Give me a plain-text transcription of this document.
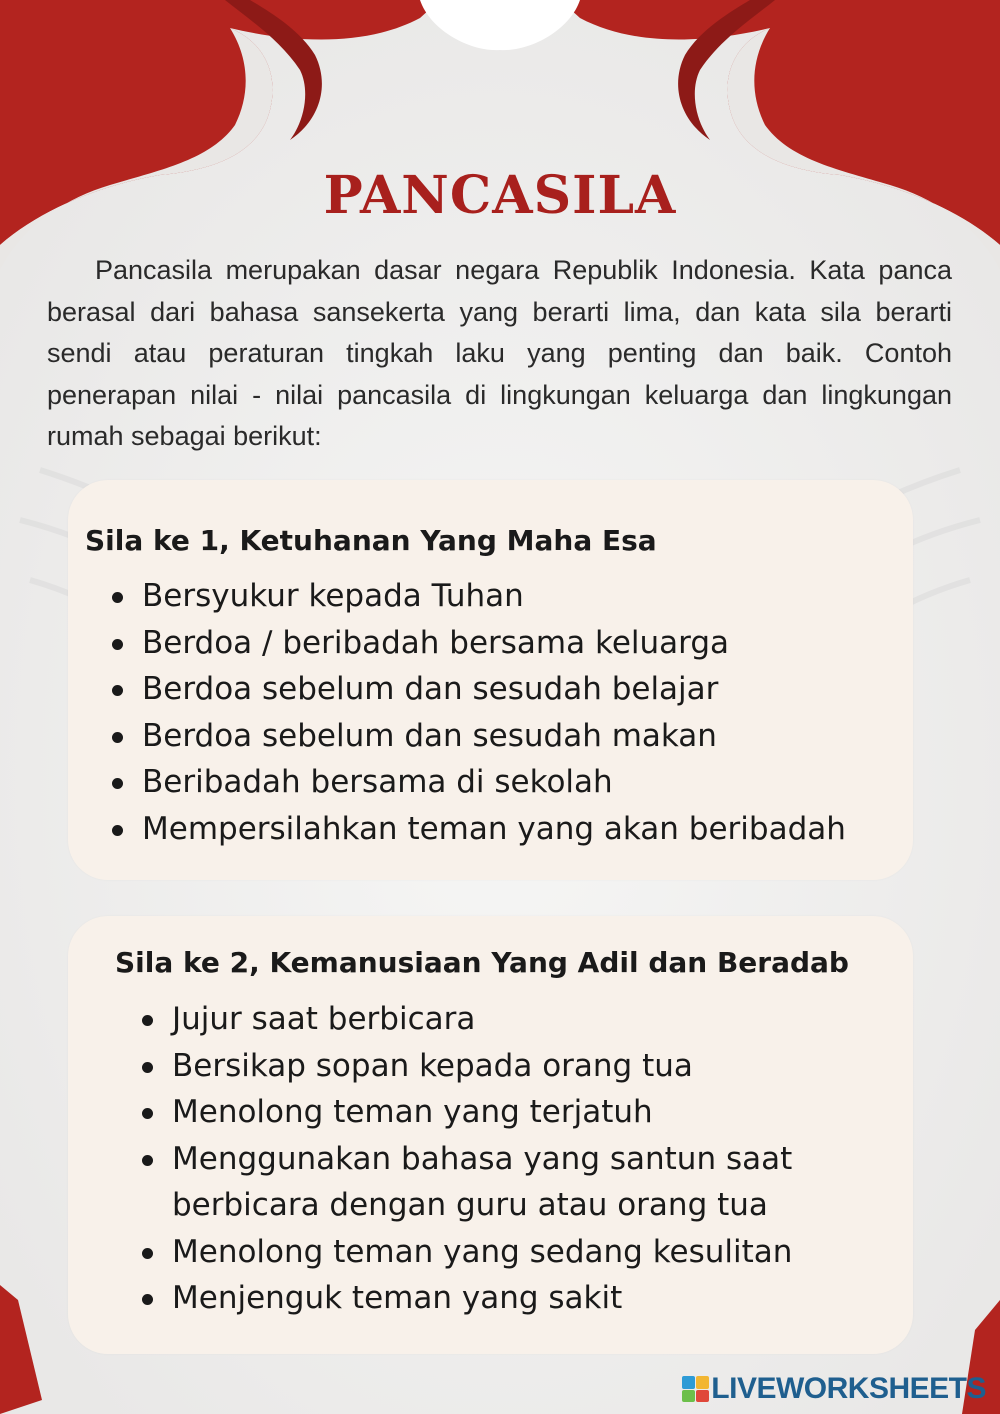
PANCASILA

Pancasila merupakan dasar negara Republik Indonesia. Kata panca berasal dari bahasa sansekerta yang berarti lima, dan kata sila berarti sendi atau peraturan tingkah laku yang penting dan baik. Contoh penerapan nilai - nilai pancasila di lingkungan keluarga dan lingkungan rumah sebagai berikut:

Sila ke 1, Ketuhanan Yang Maha Esa
Bersyukur kepada Tuhan
Berdoa / beribadah bersama keluarga
Berdoa sebelum dan sesudah belajar
Berdoa sebelum dan sesudah makan
Beribadah bersama di sekolah
Mempersilahkan teman yang akan beribadah
Sila ke 2, Kemanusiaan Yang Adil dan Beradab
Jujur saat berbicara
Bersikap sopan kepada orang tua
Menolong teman yang terjatuh
Menggunakan bahasa yang santun saat berbicara dengan guru atau orang tua
Menolong teman yang sedang kesulitan
Menjenguk teman yang sakit
LIVEWORKSHEETS
